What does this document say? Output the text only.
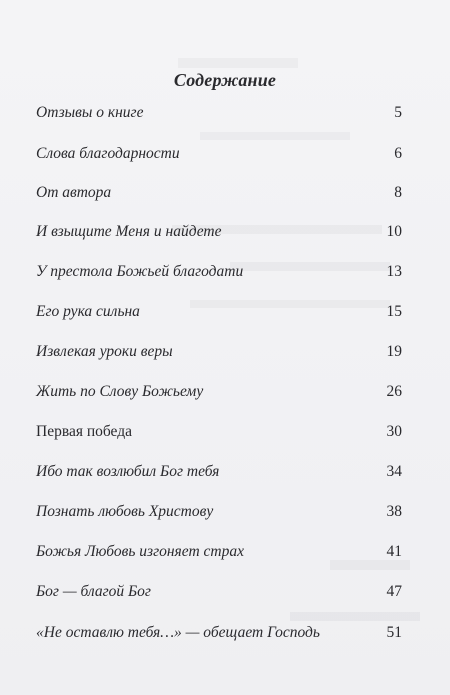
Содержание
Отзывы о книге	5
Слова благодарности	6
От автора	8
И взыщите Меня и найдете	10
У престола Божьей благодати	13
Его рука сильна	15
Извлекая уроки веры	19
Жить по Слову Божьему	26
Первая победа	30
Ибо так возлюбил Бог тебя	34
Познать любовь Христову	38
Божья Любовь изгоняет страх	41
Бог — благой Бог	47
«Не оставлю тебя…» — обещает Господь	51
